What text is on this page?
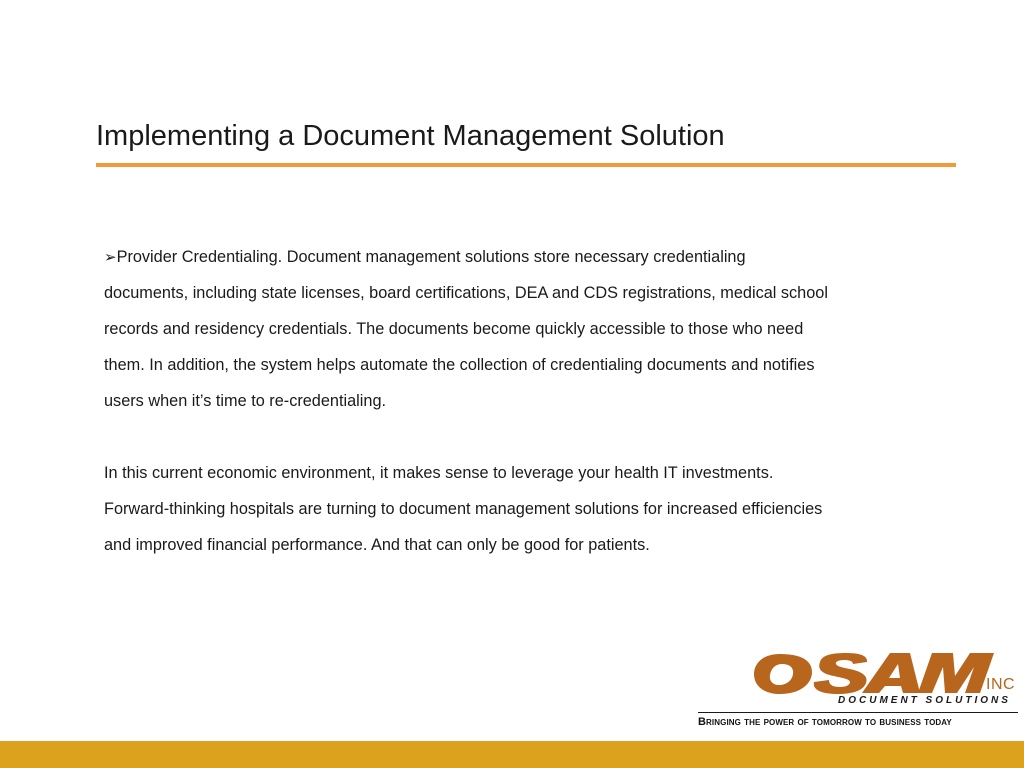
Implementing a Document Management Solution
➢Provider Credentialing. Document management solutions store necessary credentialing
documents, including state licenses, board certifications, DEA and CDS registrations, medical school
records and residency credentials. The documents become quickly accessible to those who need
them. In addition, the system helps automate the collection of credentialing documents and notifies
users when it’s time to re-credentialing.
In this current economic environment, it makes sense to leverage your health IT investments.
Forward-thinking hospitals are turning to document management solutions for increased efficiencies
and improved financial performance. And that can only be good for patients.
INC
DOCUMENT SOLUTIONS
Bringing the power of tomorrow to business today
